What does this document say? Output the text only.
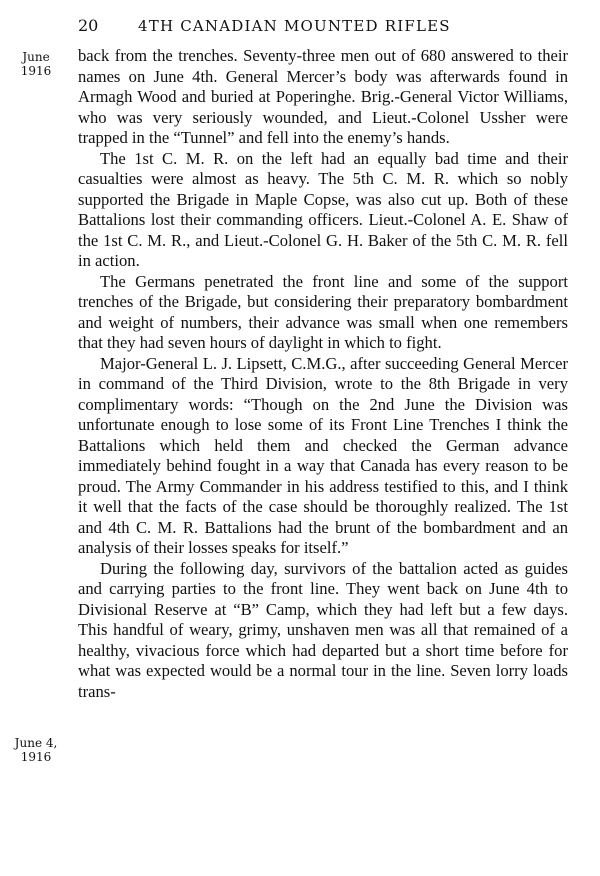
20	4TH CANADIAN MOUNTED RIFLES
June
1916
June 4,
1916

back from the trenches. Seventy-three men out of 680 answered to their names on June 4th. General Mercer’s body was afterwards found in Armagh Wood and buried at Poperinghe. Brig.-General Victor Williams, who was very seriously wounded, and Lieut.-Colonel Ussher were trapped in the “Tunnel” and fell into the enemy’s hands.

The 1st C. M. R. on the left had an equally bad time and their casualties were almost as heavy. The 5th C. M. R. which so nobly supported the Brigade in Maple Copse, was also cut up. Both of these Battalions lost their commanding officers. Lieut.-Colonel A. E. Shaw of the 1st C. M. R., and Lieut.-Colonel G. H. Baker of the 5th C. M. R. fell in action.

The Germans penetrated the front line and some of the support trenches of the Brigade, but considering their preparatory bombardment and weight of numbers, their advance was small when one remembers that they had seven hours of daylight in which to fight.

Major-General L. J. Lipsett, C.M.G., after succeeding General Mercer in command of the Third Division, wrote to the 8th Brigade in very complimentary words: “Though on the 2nd June the Division was unfortunate enough to lose some of its Front Line Trenches I think the Battalions which held them and checked the German advance immediately behind fought in a way that Canada has every reason to be proud. The Army Commander in his address testified to this, and I think it well that the facts of the case should be thoroughly realized. The 1st and 4th C. M. R. Battalions had the brunt of the bombardment and an analysis of their losses speaks for itself.”

During the following day, survivors of the battalion acted as guides and carrying parties to the front line. They went back on June 4th to Divisional Reserve at “B” Camp, which they had left but a few days. This handful of weary, grimy, unshaven men was all that remained of a healthy, vivacious force which had departed but a short time before for what was expected would be a normal tour in the line. Seven lorry loads trans-
